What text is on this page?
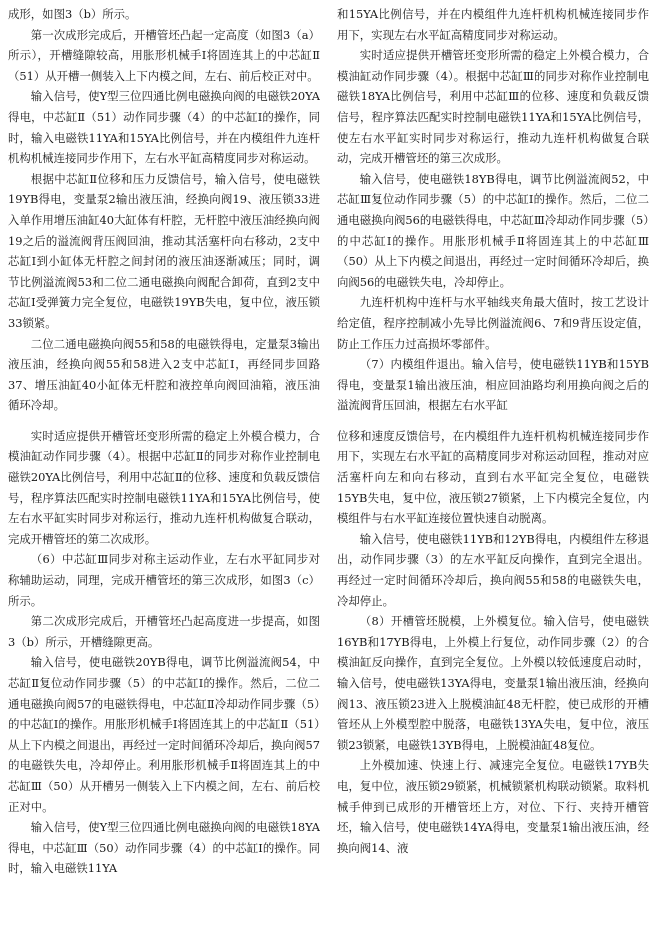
成形，如图3（b）所示。

第一次成形完成后，开槽管坯凸起一定高度（如图3（a）所示），开槽缝隙较高，用胀形机械手Ⅰ将固连其上的中芯缸Ⅱ（51）从开槽一侧装入上下内模之间，左右、前后校正对中。

输入信号，使Y型三位四通比例电磁换向阀的电磁铁20YA得电，中芯缸Ⅱ（51）动作同步骤（4）的中芯缸Ⅰ的操作，同时，输入电磁铁11YA和15YA比例信号，并在内模组件九连杆机构机械连接同步作用下，左右水平缸高精度同步对称运动。

根据中芯缸Ⅱ位移和压力反馈信号，输入信号，使电磁铁19YB得电，变量泵2输出液压油，经换向阀19、液压锁33进入单作用增压油缸40大缸体有杆腔，无杆腔中液压油经换向阀19之后的溢流阀背压阀回油，推动其活塞杆向右移动，2支中芯缸Ⅰ到小缸体无杆腔之间封闭的液压油逐渐减压；同时，调节比例溢流阀53和二位二通电磁换向阀配合卸荷，直到2支中芯缸Ⅰ受弹簧力完全复位，电磁铁19YB失电，复中位，液压锁33锁紧。

二位二通电磁换向阀55和58的电磁铁得电，定量泵3输出液压油，经换向阀55和58进入2支中芯缸Ⅰ，再经同步回路37、增压油缸40小缸体无杆腔和液控单向阀回油箱，液压油循环冷却。

实时适应提供开槽管坯变形所需的稳定上外模合模力，合模油缸动作同步骤（4）。根据中芯缸Ⅱ的同步对称作业控制电磁铁20YA比例信号，利用中芯缸Ⅱ的位移、速度和负载反馈信号，程序算法匹配实时控制电磁铁11YA和15YA比例信号，使左右水平缸实时同步对称运行，推动九连杆机构做复合联动，完成开槽管坯的第二次成形。

（6）中芯缸Ⅲ同步对称主运动作业，左右水平缸同步对称辅助运动，同理，完成开槽管坯的第三次成形，如图3（c）所示。

第二次成形完成后，开槽管坯凸起高度进一步提高，如图3（b）所示，开槽缝隙更高。

输入信号，使电磁铁20YB得电，调节比例溢流阀54，中芯缸Ⅱ复位动作同步骤（5）的中芯缸Ⅰ的操作。然后，二位二通电磁换向阀57的电磁铁得电，中芯缸Ⅱ冷却动作同步骤（5）的中芯缸Ⅰ的操作。用胀形机械手Ⅰ将固连其上的中芯缸Ⅱ（51）从上下内模之间退出，再经过一定时间循环冷却后，换向阀57的电磁铁失电，冷却停止。利用胀形机械手Ⅱ将固连其上的中芯缸Ⅲ（50）从开槽另一侧装入上下内模之间，左右、前后校正对中。

输入信号，使Y型三位四通比例电磁换向阀的电磁铁18YA得电，中芯缸Ⅲ（50）动作同步骤（4）的中芯缸Ⅰ的操作。同时，输入电磁铁11YA

和15YA比例信号，并在内模组件九连杆机构机械连接同步作用下，实现左右水平缸高精度同步对称运动。

实时适应提供开槽管坯变形所需的稳定上外模合模力，合模油缸动作同步骤（4）。根据中芯缸Ⅲ的同步对称作业控制电磁铁18YA比例信号，利用中芯缸Ⅲ的位移、速度和负载反馈信号，程序算法匹配实时控制电磁铁11YA和15YA比例信号，使左右水平缸实时同步对称运行，推动九连杆机构做复合联动，完成开槽管坯的第三次成形。

输入信号，使电磁铁18YB得电，调节比例溢流阀52，中芯缸Ⅲ复位动作同步骤（5）的中芯缸Ⅰ的操作。然后，二位二通电磁换向阀56的电磁铁得电，中芯缸Ⅲ冷却动作同步骤（5）的中芯缸Ⅰ的操作。用胀形机械手Ⅱ将固连其上的中芯缸Ⅲ（50）从上下内模之间退出，再经过一定时间循环冷却后，换向阀56的电磁铁失电，冷却停止。

九连杆机构中连杆与水平轴线夹角最大值时，按工艺设计给定值，程序控制减小先导比例溢流阀6、7和9背压设定值，防止工作压力过高损坏零部件。

（7）内模组件退出。输入信号，使电磁铁11YB和15YB得电，变量泵1输出液压油，相应回油路均利用换向阀之后的溢流阀背压回油，根据左右水平缸

位移和速度反馈信号，在内模组件九连杆机构机械连接同步作用下，实现左右水平缸的高精度同步对称运动回程，推动对应活塞杆向左和向右移动，直到右水平缸完全复位，电磁铁15YB失电，复中位，液压锁27锁紧，上下内模完全复位，内模组件与右水平缸连接位置快速自动脱离。

输入信号，使电磁铁11YB和12YB得电，内模组件左移退出，动作同步骤（3）的左水平缸反向操作，直到完全退出。再经过一定时间循环冷却后，换向阀55和58的电磁铁失电，冷却停止。

（8）开槽管坯脱模，上外模复位。输入信号，使电磁铁16YB和17YB得电，上外模上行复位，动作同步骤（2）的合模油缸反向操作，直到完全复位。上外模以较低速度启动时，输入信号，使电磁铁13YA得电，变量泵1输出液压油，经换向阀13、液压锁23进入上脱模油缸48无杆腔，使已成形的开槽管坯从上外模型腔中脱落，电磁铁13YA失电，复中位，液压锁23锁紧，电磁铁13YB得电，上脱模油缸48复位。

上外模加速、快速上行、减速完全复位。电磁铁17YB失电，复中位，液压锁29锁紧，机械锁紧机构联动锁紧。取料机械手伸到已成形的开槽管坯上方，对位、下行、夹持开槽管坯，输入信号，使电磁铁14YA得电，变量泵1输出液压油，经换向阀14、液
